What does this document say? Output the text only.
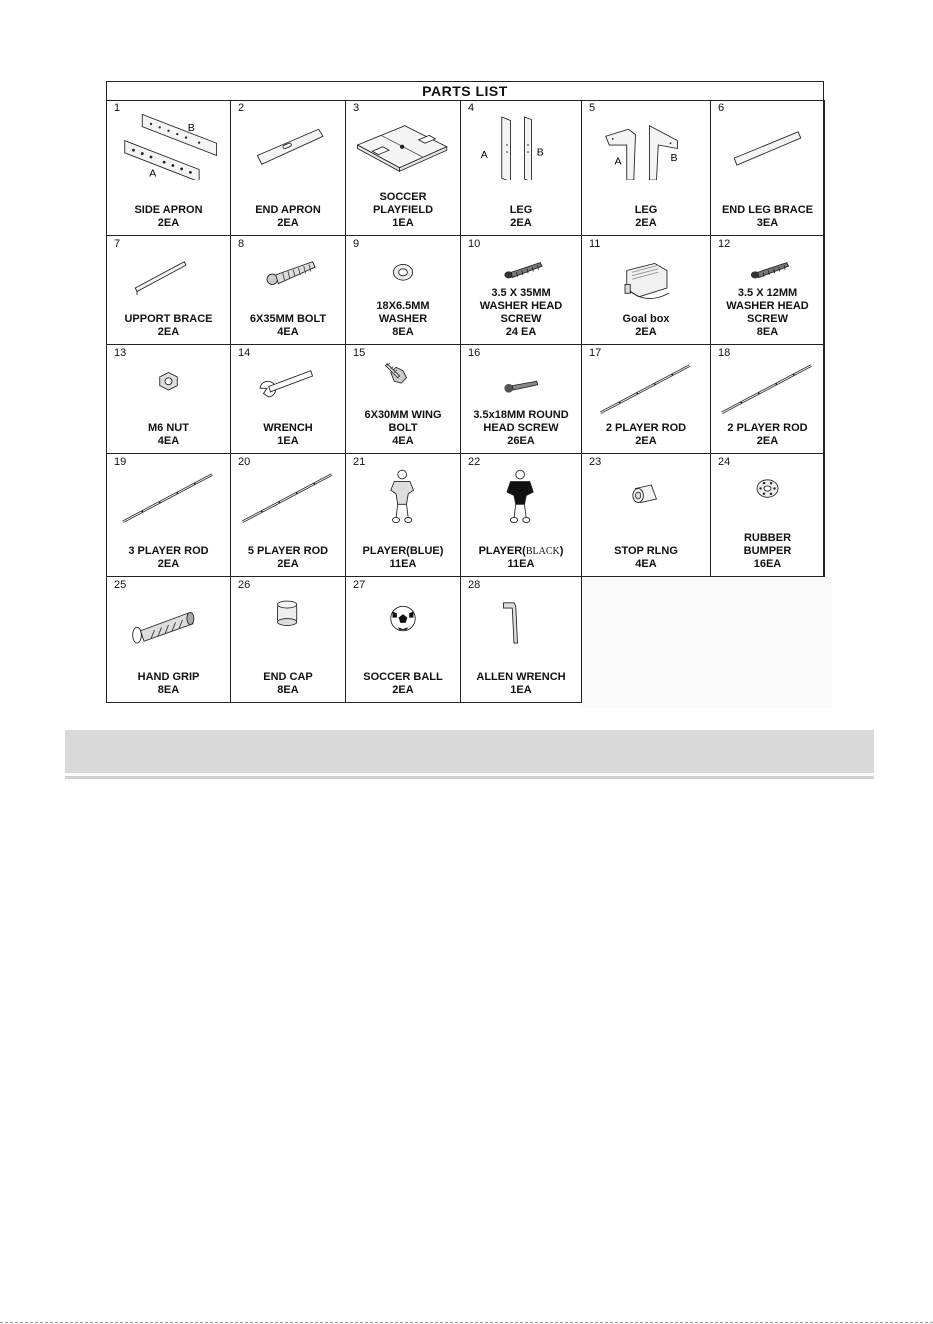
PARTS LIST
1
B
A
SIDE APRON
2EA
2
END APRON
2EA
3
SOCCER
PLAYFIELD
1EA
4
A	B
LEG
2EA
5
A	B
LEG
2EA
6
END LEG BRACE
3EA
7
UPPORT BRACE
2EA
8
6X35MM BOLT
4EA
9
18X6.5MM
WASHER
8EA
10
3.5 X 35MM
WASHER HEAD
SCREW
24 EA
11
Goal box
2EA
12
3.5 X 12MM
WASHER HEAD
SCREW
8EA
13
M6 NUT
4EA
14
WRENCH
1EA
15
6X30MM WING
BOLT
4EA
16
3.5x18MM ROUND
HEAD SCREW
26EA
17
2 PLAYER ROD
2EA
18
2 PLAYER ROD
2EA
19
3 PLAYER ROD
2EA
20
5 PLAYER ROD
2EA
21
PLAYER(BLUE)
11EA
22
PLAYER(BLACK)
11EA
23
STOP RLNG
4EA
24
RUBBER
BUMPER
16EA
25
HAND GRIP
8EA
26
END CAP
8EA
27
SOCCER BALL
2EA
28
ALLEN WRENCH
1EA
